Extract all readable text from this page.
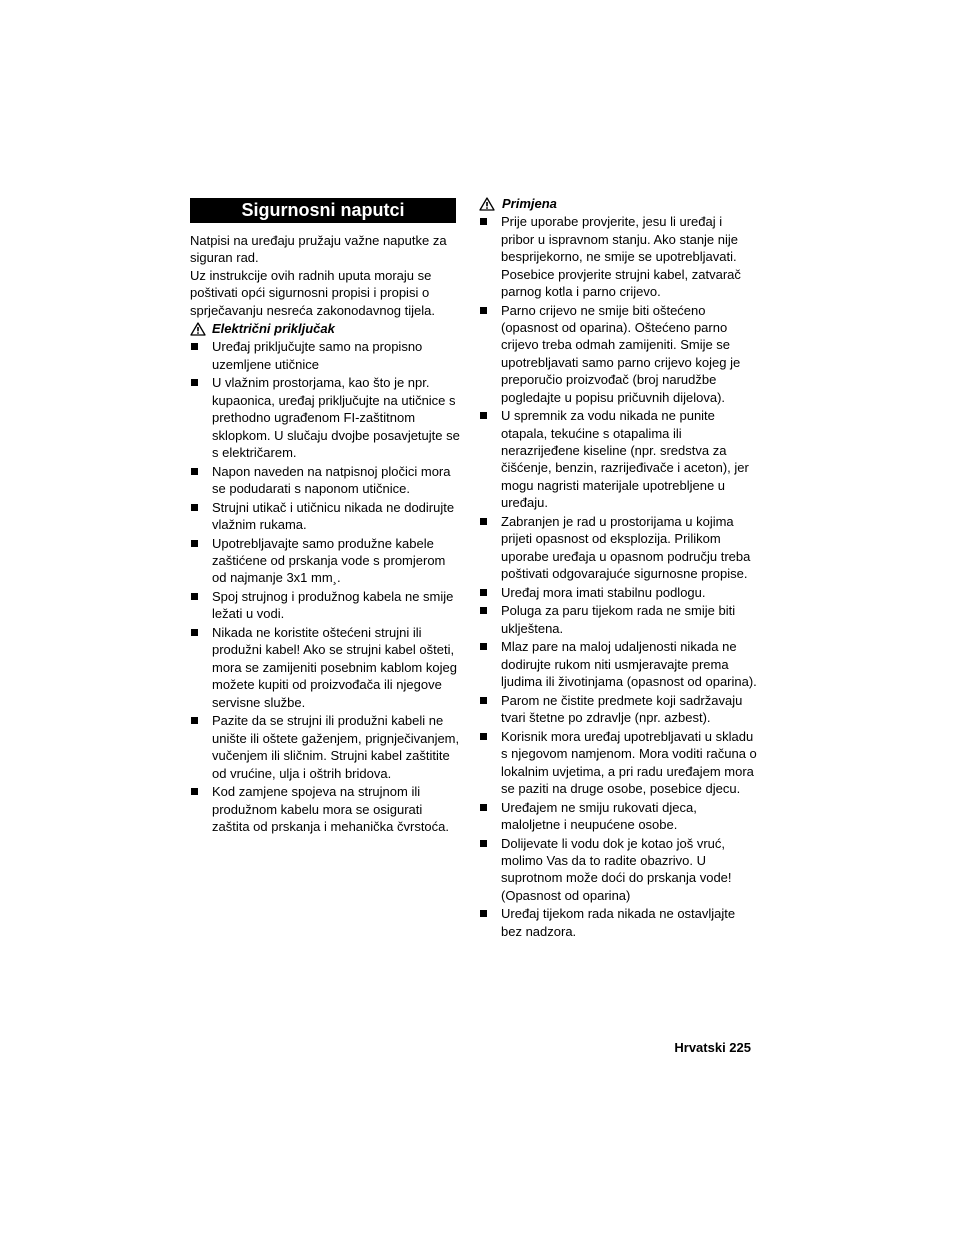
Sigurnosni naputci

Natpisi na uređaju pružaju važne naputke za siguran rad.

Uz instrukcije ovih radnih uputa moraju se poštivati opći sigurnosni propisi i propisi o sprječavanju nesreća zakonodavnog tijela.

Električni priključak
Uređaj priključujte samo na propisno uzemljene utičnice
U vlažnim prostorjama, kao što je npr. kupaonica, uređaj priključujte na utičnice s prethodno ugrađenom FI-zaštitnom sklopkom. U slučaju dvojbe posavjetujte se s električarem.
Napon naveden na natpisnoj pločici mora se podudarati s naponom utičnice.
Strujni utikač i utičnicu nikada ne dodirujte vlažnim rukama.
Upotrebljavajte samo produžne kabele zaštićene od prskanja vode s promjerom od najmanje 3x1 mm¸.
Spoj strujnog i produžnog kabela ne smije ležati u vodi.
Nikada ne koristite oštećeni strujni ili produžni kabel! Ako se strujni kabel ošteti, mora se zamijeniti posebnim kablom kojeg možete kupiti od proizvođača ili njegove servisne službe.
Pazite da se strujni ili produžni kabeli ne unište ili oštete gaženjem, prignječivanjem, vučenjem ili sličnim. Strujni kabel zaštitite od vrućine, ulja i oštrih bridova.
Kod zamjene spojeva na strujnom ili produžnom kabelu mora se osigurati zaštita od prskanja i mehanička čvrstoća.
Primjena
Prije uporabe provjerite, jesu li uređaj i pribor u ispravnom stanju. Ako stanje nije besprijekorno, ne smije se upotrebljavati. Posebice provjerite strujni kabel, zatvarač parnog kotla i parno crijevo.
Parno crijevo ne smije biti oštećeno (opasnost od oparina). Oštećeno parno crijevo treba odmah zamijeniti. Smije se upotrebljavati samo parno crijevo kojeg je preporučio proizvođač (broj narudžbe pogledajte u popisu pričuvnih dijelova).
U spremnik za vodu nikada ne punite otapala, tekućine s otapalima ili nerazrijeđene kiseline (npr. sredstva za čišćenje, benzin, razrijeđivače i aceton), jer mogu nagristi materijale upotrebljene u uređaju.
Zabranjen je rad u prostorijama u kojima prijeti opasnost od eksplozija. Prilikom uporabe uređaja u opasnom području treba poštivati odgovarajuće sigurnosne propise.
Uređaj mora imati stabilnu podlogu.
Poluga za paru tijekom rada ne smije biti uklještena.
Mlaz pare na maloj udaljenosti nikada ne dodirujte rukom niti usmjeravajte prema ljudima ili životinjama (opasnost od oparina).
Parom ne čistite predmete koji sadržavaju tvari štetne po zdravlje (npr. azbest).
Korisnik mora uređaj upotrebljavati u skladu s njegovom namjenom. Mora voditi računa o lokalnim uvjetima, a pri radu uređajem mora se paziti na druge osobe, posebice djecu.
Uređajem ne smiju rukovati djeca, maloljetne i neupućene osobe.
Dolijevate li vodu dok je kotao još vruć, molimo Vas da to radite obazrivo. U suprotnom može doći do prskanja vode! (Opasnost od oparina)
Uređaj tijekom rada nikada ne ostavljajte bez nadzora.
Hrvatski 225
